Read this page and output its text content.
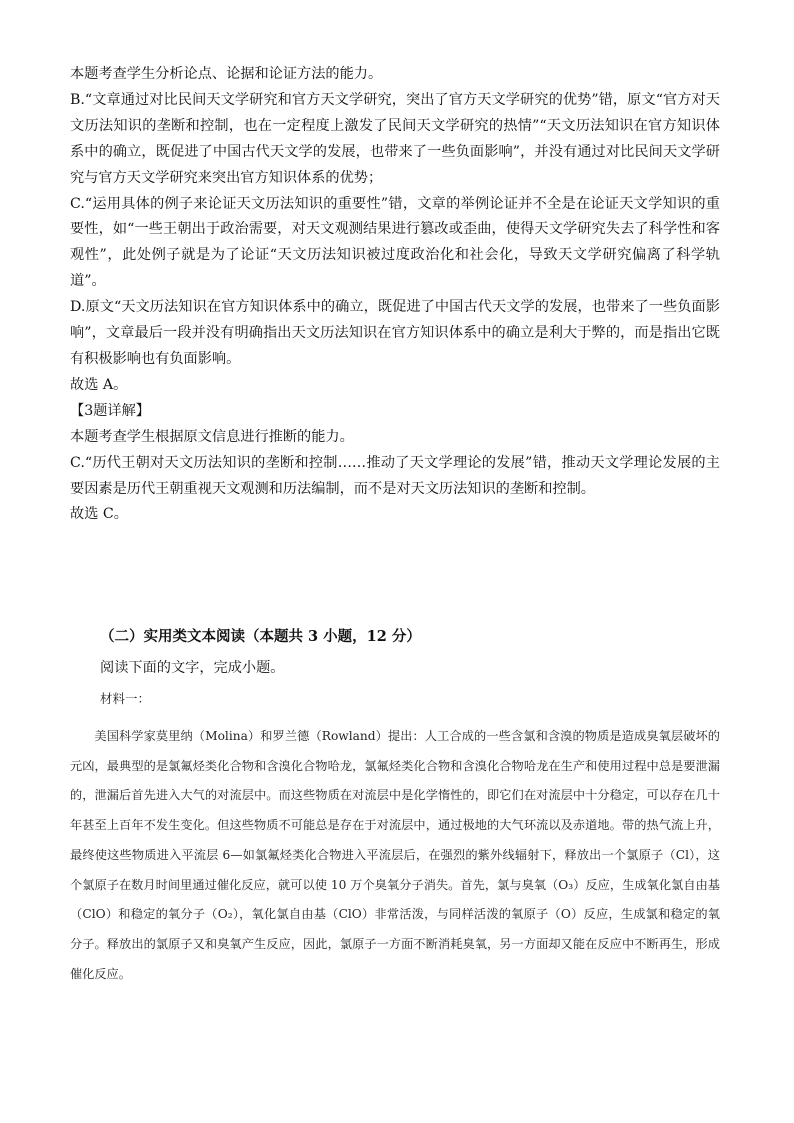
本题考查学生分析论点、论据和论证方法的能力。

B.“文章通过对比民间天文学研究和官方天文学研究，突出了官方天文学研究的优势”错，原文“官方对天文历法知识的垄断和控制，也在一定程度上激发了民间天文学研究的热情”“天文历法知识在官方知识体系中的确立，既促进了中国古代天文学的发展，也带来了一些负面影响”，并没有通过对比民间天文学研究与官方天文学研究来突出官方知识体系的优势；

C.“运用具体的例子来论证天文历法知识的重要性”错，文章的举例论证并不全是在论证天文学知识的重要性，如“一些王朝出于政治需要，对天文观测结果进行篡改或歪曲，使得天文学研究失去了科学性和客观性”，此处例子就是为了论证“天文历法知识被过度政治化和社会化，导致天文学研究偏离了科学轨道”。

D.原文“天文历法知识在官方知识体系中的确立，既促进了中国古代天文学的发展，也带来了一些负面影响”，文章最后一段并没有明确指出天文历法知识在官方知识体系中的确立是利大于弊的，而是指出它既有积极影响也有负面影响。

故选 A。

【3题详解】

本题考查学生根据原文信息进行推断的能力。

C.“历代王朝对天文历法知识的垄断和控制……推动了天文学理论的发展”错，推动天文学理论发展的主要因素是历代王朝重视天文观测和历法编制，而不是对天文历法知识的垄断和控制。

故选 C。

（二）实用类文本阅读（本题共 3 小题，12 分）

阅读下面的文字，完成小题。

材料一：

美国科学家莫里纳（Molina）和罗兰德（Rowland）提出：人工合成的一些含氯和含溴的物质是造成臭氧层破坏的元凶，最典型的是氯氟烃类化合物和含溴化合物哈龙，氯氟烃类化合物和含溴化合物哈龙在生产和使用过程中总是要泄漏的，泄漏后首先进入大气的对流层中。而这些物质在对流层中是化学惰性的，即它们在对流层中十分稳定，可以存在几十年甚至上百年不发生变化。但这些物质不可能总是存在于对流层中，通过极地的大气环流以及赤道地。带的热气流上升，最终使这些物质进入平流层 6—如氯氟烃类化合物进入平流层后，在强烈的紫外线辐射下，释放出一个氯原子（Cl），这个氯原子在数月时间里通过催化反应，就可以使 10 万个臭氧分子消失。首先，氯与臭氧（O₃）反应，生成氧化氯自由基（ClO）和稳定的氧分子（O₂），氧化氯自由基（ClO）非常活泼，与同样活泼的氧原子（O）反应，生成氯和稳定的氧分子。释放出的氯原子又和臭氧产生反应，因此，氯原子一方面不断消耗臭氧，另一方面却又能在反应中不断再生，形成催化反应。
